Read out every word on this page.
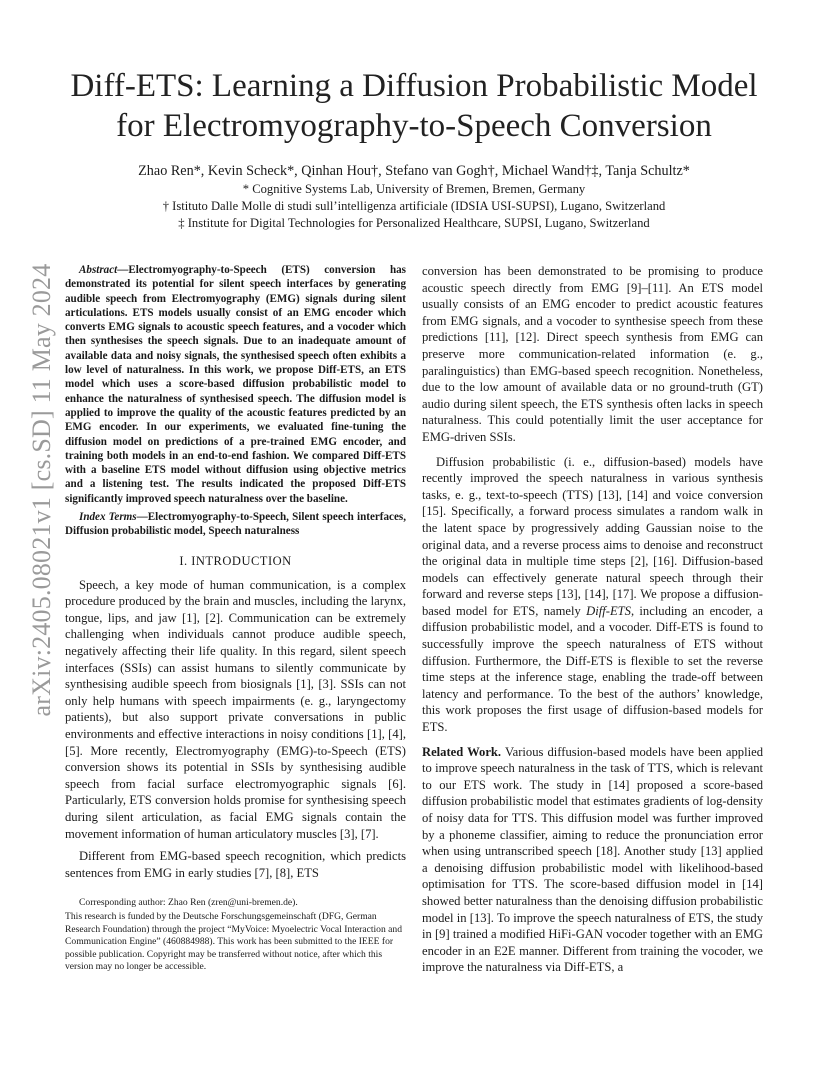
arXiv:2405.08021v1 [cs.SD] 11 May 2024
Diff-ETS: Learning a Diffusion Probabilistic Model
for Electromyography-to-Speech Conversion
Zhao Ren*, Kevin Scheck*, Qinhan Hou†, Stefano van Gogh†, Michael Wand†‡, Tanja Schultz*
* Cognitive Systems Lab, University of Bremen, Bremen, Germany
† Istituto Dalle Molle di studi sull’intelligenza artificiale (IDSIA USI-SUPSI), Lugano, Switzerland
‡ Institute for Digital Technologies for Personalized Healthcare, SUPSI, Lugano, Switzerland

Abstract—Electromyography-to-Speech (ETS) conversion has demonstrated its potential for silent speech interfaces by generating audible speech from Electromyography (EMG) signals during silent articulations. ETS models usually consist of an EMG encoder which converts EMG signals to acoustic speech features, and a vocoder which then synthesises the speech signals. Due to an inadequate amount of available data and noisy signals, the synthesised speech often exhibits a low level of naturalness. In this work, we propose Diff-ETS, an ETS model which uses a score-based diffusion probabilistic model to enhance the naturalness of synthesised speech. The diffusion model is applied to improve the quality of the acoustic features predicted by an EMG encoder. In our experiments, we evaluated fine-tuning the diffusion model on predictions of a pre-trained EMG encoder, and training both models in an end-to-end fashion. We compared Diff-ETS with a baseline ETS model without diffusion using objective metrics and a listening test. The results indicated the proposed Diff-ETS significantly improved speech naturalness over the baseline.

Index Terms—Electromyography-to-Speech, Silent speech interfaces, Diffusion probabilistic model, Speech naturalness

I. INTRODUCTION

Speech, a key mode of human communication, is a complex procedure produced by the brain and muscles, including the larynx, tongue, lips, and jaw [1], [2]. Communication can be extremely challenging when individuals cannot produce audible speech, negatively affecting their life quality. In this regard, silent speech interfaces (SSIs) can assist humans to silently communicate by synthesising audible speech from biosignals [1], [3]. SSIs can not only help humans with speech impairments (e. g., laryngectomy patients), but also support private conversations in public environments and effective interactions in noisy conditions [1], [4], [5]. More recently, Electromyography (EMG)-to-Speech (ETS) conversion shows its potential in SSIs by synthesising audible speech from facial surface electromyographic signals [6]. Particularly, ETS conversion holds promise for synthesising speech during silent articulation, as facial EMG signals contain the movement information of human articulatory muscles [3], [7].

Different from EMG-based speech recognition, which predicts sentences from EMG in early studies [7], [8], ETS

conversion has been demonstrated to be promising to produce acoustic speech directly from EMG [9]–[11]. An ETS model usually consists of an EMG encoder to predict acoustic features from EMG signals, and a vocoder to synthesise speech from these predictions [11], [12]. Direct speech synthesis from EMG can preserve more communication-related information (e. g., paralinguistics) than EMG-based speech recognition. Nonetheless, due to the low amount of available data or no ground-truth (GT) audio during silent speech, the ETS synthesis often lacks in speech naturalness. This could potentially limit the user acceptance for EMG-driven SSIs.

Diffusion probabilistic (i. e., diffusion-based) models have recently improved the speech naturalness in various synthesis tasks, e. g., text-to-speech (TTS) [13], [14] and voice conversion [15]. Specifically, a forward process simulates a random walk in the latent space by progressively adding Gaussian noise to the original data, and a reverse process aims to denoise and reconstruct the original data in multiple time steps [2], [16]. Diffusion-based models can effectively generate natural speech through their forward and reverse steps [13], [14], [17]. We propose a diffusion-based model for ETS, namely Diff-ETS, including an encoder, a diffusion probabilistic model, and a vocoder. Diff-ETS is found to successfully improve the speech naturalness of ETS without diffusion. Furthermore, the Diff-ETS is flexible to set the reverse time steps at the inference stage, enabling the trade-off between latency and performance. To the best of the authors’ knowledge, this work proposes the first usage of diffusion-based models for ETS.

Related Work. Various diffusion-based models have been applied to improve speech naturalness in the task of TTS, which is relevant to our ETS work. The study in [14] proposed a score-based diffusion probabilistic model that estimates gradients of log-density of noisy data for TTS. This diffusion model was further improved by a phoneme classifier, aiming to reduce the pronunciation error when using untranscribed speech [18]. Another study [13] applied a denoising diffusion probabilistic model with likelihood-based optimisation for TTS. The score-based diffusion model in [14] showed better naturalness than the denoising diffusion probabilistic model in [13]. To improve the speech naturalness of ETS, the study in [9] trained a modified HiFi-GAN vocoder together with an EMG encoder in an E2E manner. Different from training the vocoder, we improve the naturalness via Diff-ETS, a

Corresponding author: Zhao Ren (zren@uni-bremen.de).

This research is funded by the Deutsche Forschungsgemeinschaft (DFG, German Research Foundation) through the project “MyVoice: Myoelectric Vocal Interaction and Communication Engine” (460884988). This work has been submitted to the IEEE for possible publication. Copyright may be transferred without notice, after which this version may no longer be accessible.
